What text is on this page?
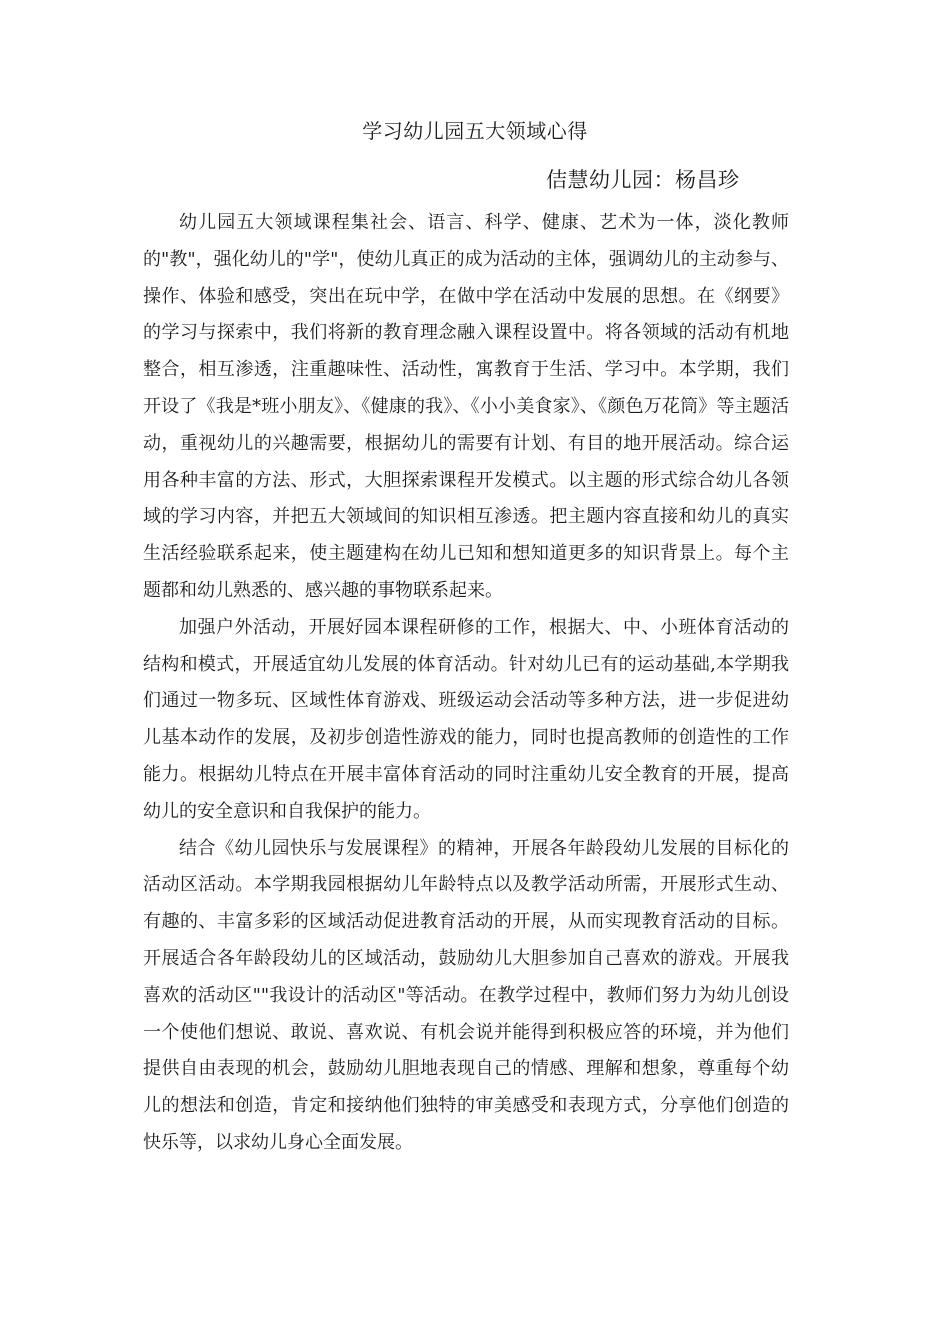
学习幼儿园五大领域心得
佶慧幼儿园：杨昌珍

幼儿园五大领域课程集社会、语言、科学、健康、艺术为一体，淡化教师的"教"，强化幼儿的"学"，使幼儿真正的成为活动的主体，强调幼儿的主动参与、操作、体验和感受，突出在玩中学，在做中学在活动中发展的思想。在《纲要》的学习与探索中，我们将新的教育理念融入课程设置中。将各领域的活动有机地整合，相互渗透，注重趣味性、活动性，寓教育于生活、学习中。本学期，我们开设了《我是*班小朋友》、《健康的我》、《小小美食家》、《颜色万花筒》等主题活动，重视幼儿的兴趣需要，根据幼儿的需要有计划、有目的地开展活动。综合运用各种丰富的方法、形式，大胆探索课程开发模式。以主题的形式综合幼儿各领域的学习内容，并把五大领域间的知识相互渗透。把主题内容直接和幼儿的真实生活经验联系起来，使主题建构在幼儿已知和想知道更多的知识背景上。每个主题都和幼儿熟悉的、感兴趣的事物联系起来。

加强户外活动，开展好园本课程研修的工作，根据大、中、小班体育活动的结构和模式，开展适宜幼儿发展的体育活动。针对幼儿已有的运动基础,本学期我们通过一物多玩、区域性体育游戏、班级运动会活动等多种方法，进一步促进幼儿基本动作的发展，及初步创造性游戏的能力，同时也提高教师的创造性的工作能力。根据幼儿特点在开展丰富体育活动的同时注重幼儿安全教育的开展，提高幼儿的安全意识和自我保护的能力。

结合《幼儿园快乐与发展课程》的精神，开展各年龄段幼儿发展的目标化的活动区活动。本学期我园根据幼儿年龄特点以及教学活动所需，开展形式生动、有趣的、丰富多彩的区域活动促进教育活动的开展，从而实现教育活动的目标。开展适合各年龄段幼儿的区域活动，鼓励幼儿大胆参加自己喜欢的游戏。开展我喜欢的活动区""我设计的活动区"等活动。在教学过程中，教师们努力为幼儿创设一个使他们想说、敢说、喜欢说、有机会说并能得到积极应答的环境，并为他们提供自由表现的机会，鼓励幼儿胆地表现自己的情感、理解和想象，尊重每个幼儿的想法和创造，肯定和接纳他们独特的审美感受和表现方式，分享他们创造的快乐等，以求幼儿身心全面发展。
